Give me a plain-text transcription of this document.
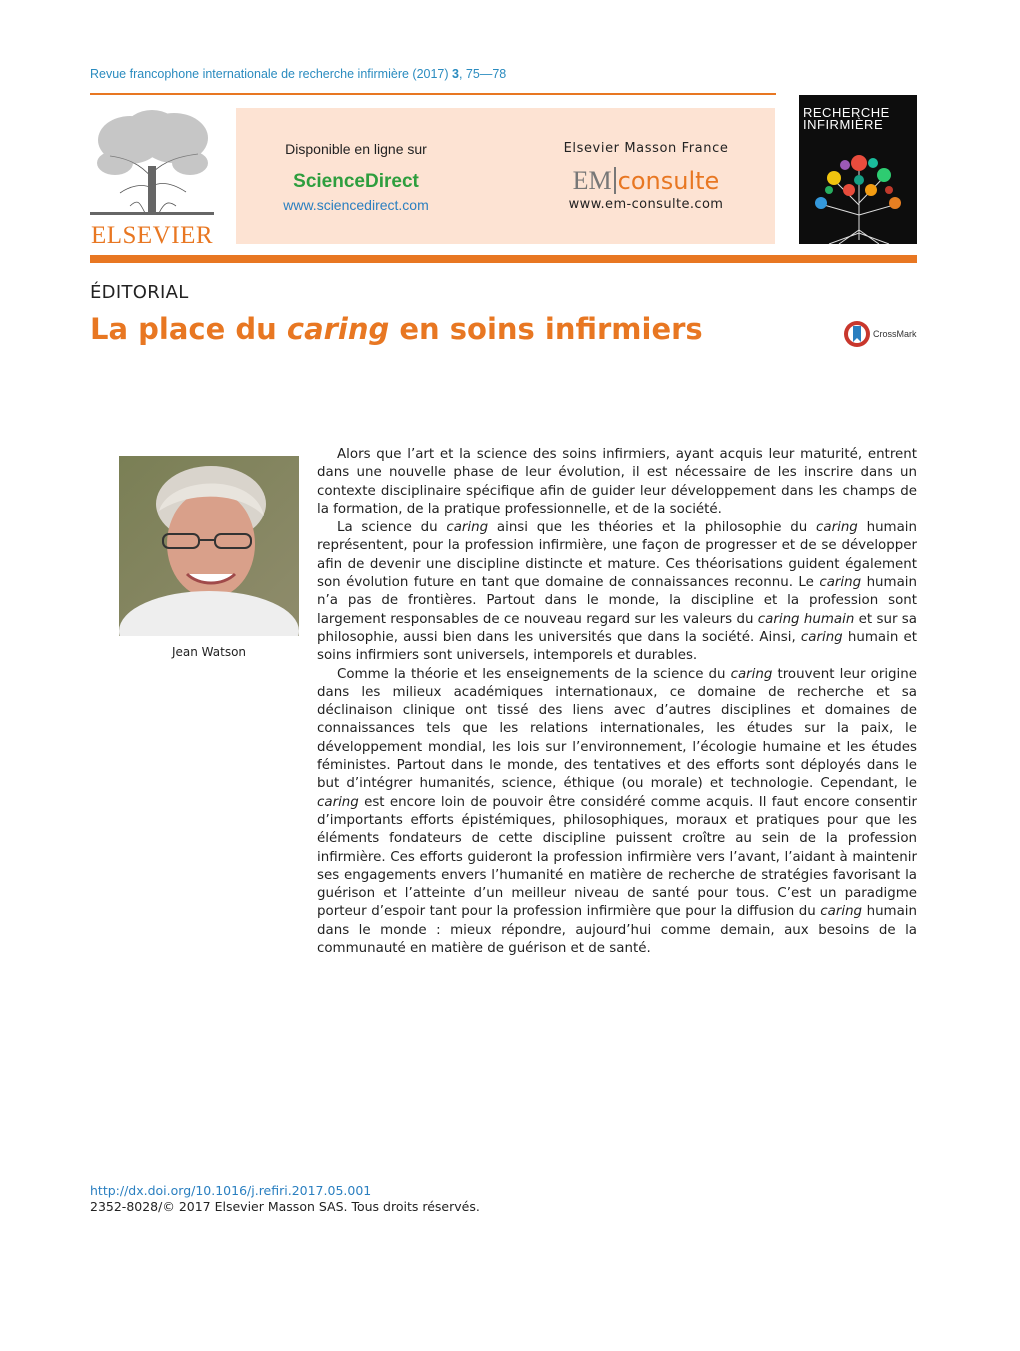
Revue francophone internationale de recherche infirmière (2017) 3, 75—78
ELSEVIER
Disponible en ligne sur
ScienceDirect
www.sciencedirect.com
Elsevier Masson France
EM consulte
www.em-consulte.com
RECHERCHE
INFIRMIÈRE
ÉDITORIAL
La place du caring en soins infirmiers	CrossMark
Jean Watson

Alors que l’art et la science des soins infirmiers, ayant acquis leur maturité, entrent dans une nouvelle phase de leur évolution, il est nécessaire de les inscrire dans un contexte disciplinaire spécifique afin de guider leur développement dans les champs de la formation, de la pratique professionnelle, et de la société.

La science du caring ainsi que les théories et la philosophie du caring humain représentent, pour la profession infirmière, une façon de progresser et de se développer afin de devenir une discipline distincte et mature. Ces théorisations guident également son évolution future en tant que domaine de connaissances reconnu. Le caring humain n’a pas de frontières. Partout dans le monde, la discipline et la profession sont largement responsables de ce nouveau regard sur les valeurs du caring humain et sur sa philosophie, aussi bien dans les universités que dans la société. Ainsi, caring humain et soins infirmiers sont universels, intemporels et durables.

Comme la théorie et les enseignements de la science du caring trouvent leur origine dans les milieux académiques internationaux, ce domaine de recherche et sa déclinaison clinique ont tissé des liens avec d’autres disciplines et domaines de connaissances tels que les relations internationales, les études sur la paix, le développement mondial, les lois sur l’environnement, l’écologie humaine et les études féministes. Partout dans le monde, des tentatives et des efforts sont déployés dans le but d’intégrer humanités, science, éthique (ou morale) et technologie. Cependant, le caring est encore loin de pouvoir être considéré comme acquis. Il faut encore consentir d’importants efforts épistémiques, philosophiques, moraux et pratiques pour que les éléments fondateurs de cette discipline puissent croître au sein de la profession infirmière. Ces efforts guideront la profession infirmière vers l’avant, l’aidant à maintenir ses engagements envers l’humanité en matière de recherche de stratégies favorisant la guérison et l’atteinte d’un meilleur niveau de santé pour tous. C’est un paradigme porteur d’espoir tant pour la profession infirmière que pour la diffusion du caring humain dans le monde : mieux répondre, aujourd’hui comme demain, aux besoins de la communauté en matière de guérison et de santé.

http://dx.doi.org/10.1016/j.refiri.2017.05.001
2352-8028/© 2017 Elsevier Masson SAS. Tous droits réservés.
